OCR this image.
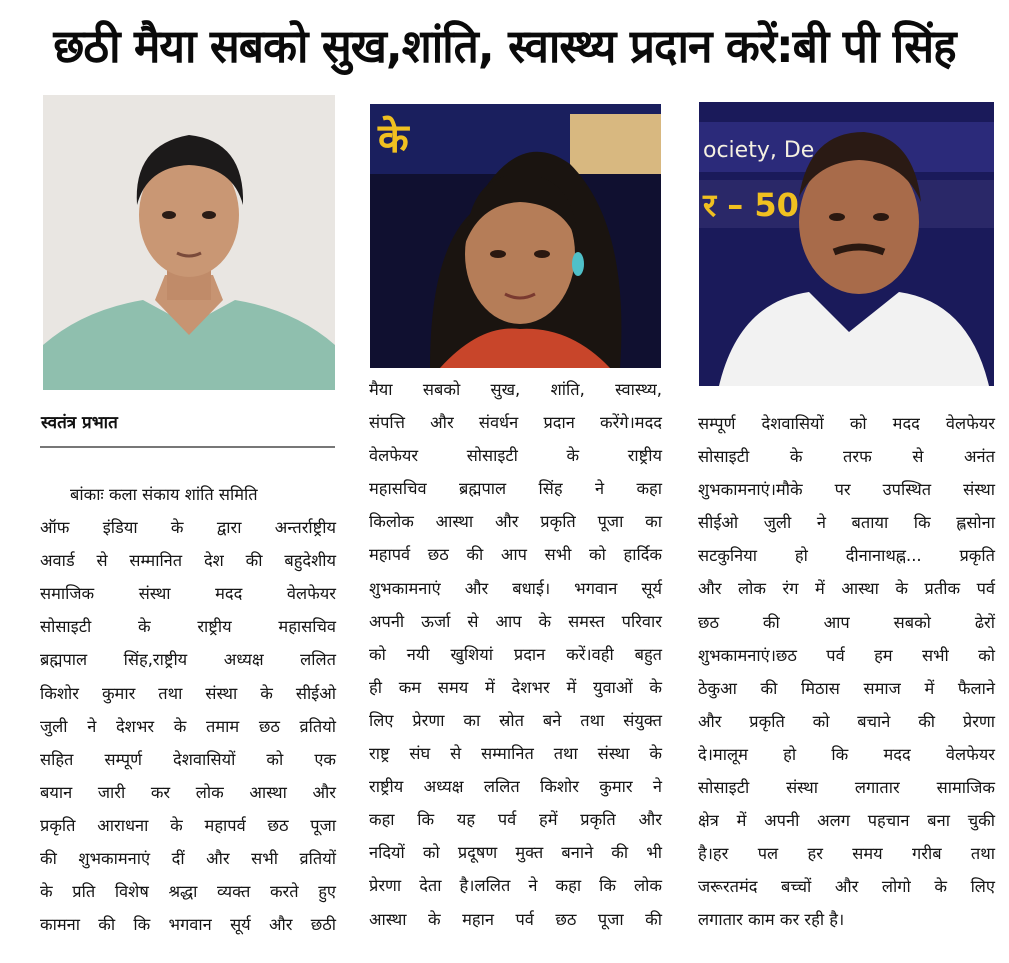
छठी मैया सबको सुख,शांति, स्वास्थ्य प्रदान करें:बी पी सिंह
के	ociety, De
र – 50
स्वतंत्र प्रभात
बांकाः कला संकाय शांति समिति
ऑफ इंडिया के द्वारा अन्तर्राष्ट्रीय
अवार्ड से सम्मानित देश की बहुदेशीय
समाजिक संस्था मदद वेलफेयर
सोसाइटी के राष्ट्रीय महासचिव
ब्रह्मपाल सिंह,राष्ट्रीय अध्यक्ष ललित
किशोर कुमार तथा संस्था के सीईओ
जुली ने देशभर के तमाम छठ व्रतियो
सहित सम्पूर्ण देशवासियों को एक
बयान जारी कर लोक आस्था और
प्रकृति आराधना के महापर्व छठ पूजा
की शुभकामनाएं दीं और सभी व्रतियों
के प्रति विशेष श्रद्धा व्यक्त करते हुए
कामना की कि भगवान सूर्य और छठी
मैया सबको सुख, शांति, स्वास्थ्य,
संपत्ति और संवर्धन प्रदान करेंगे।मदद
वेलफेयर सोसाइटी के राष्ट्रीय
महासचिव ब्रह्मपाल सिंह ने कहा
किलोक आस्था और प्रकृति पूजा का
महापर्व छठ की आप सभी को हार्दिक
शुभकामनाएं और बधाई। भगवान सूर्य
अपनी ऊर्जा से आप के समस्त परिवार
को नयी खुशियां प्रदान करें।वही बहुत
ही कम समय में देशभर में युवाओं के
लिए प्रेरणा का स्रोत बने तथा संयुक्त
राष्ट्र संघ से सम्मानित तथा संस्था के
राष्ट्रीय अध्यक्ष ललित किशोर कुमार ने
कहा कि यह पर्व हमें प्रकृति और
नदियों को प्रदूषण मुक्त बनाने की भी
प्रेरणा देता है।ललित ने कहा कि लोक
आस्था के महान पर्व छठ पूजा की
सम्पूर्ण देशवासियों को मदद वेलफेयर
सोसाइटी के तरफ से अनंत
शुभकामनाएं।मौके पर उपस्थित संस्था
सीईओ जुली ने बताया कि ह्लसोना
सटकुनिया हो दीनानाथह्न... प्रकृति
और लोक रंग में आस्था के प्रतीक पर्व
छठ की आप सबको ढेरों
शुभकामनाएं।छठ पर्व हम सभी को
ठेकुआ की मिठास समाज में फैलाने
और प्रकृति को बचाने की प्रेरणा
दे।मालूम हो कि मदद वेलफेयर
सोसाइटी संस्था लगातार सामाजिक
क्षेत्र में अपनी अलग पहचान बना चुकी
है।हर पल हर समय गरीब तथा
जरूरतमंद बच्चों और लोगो के लिए
लगातार काम कर रही है।
